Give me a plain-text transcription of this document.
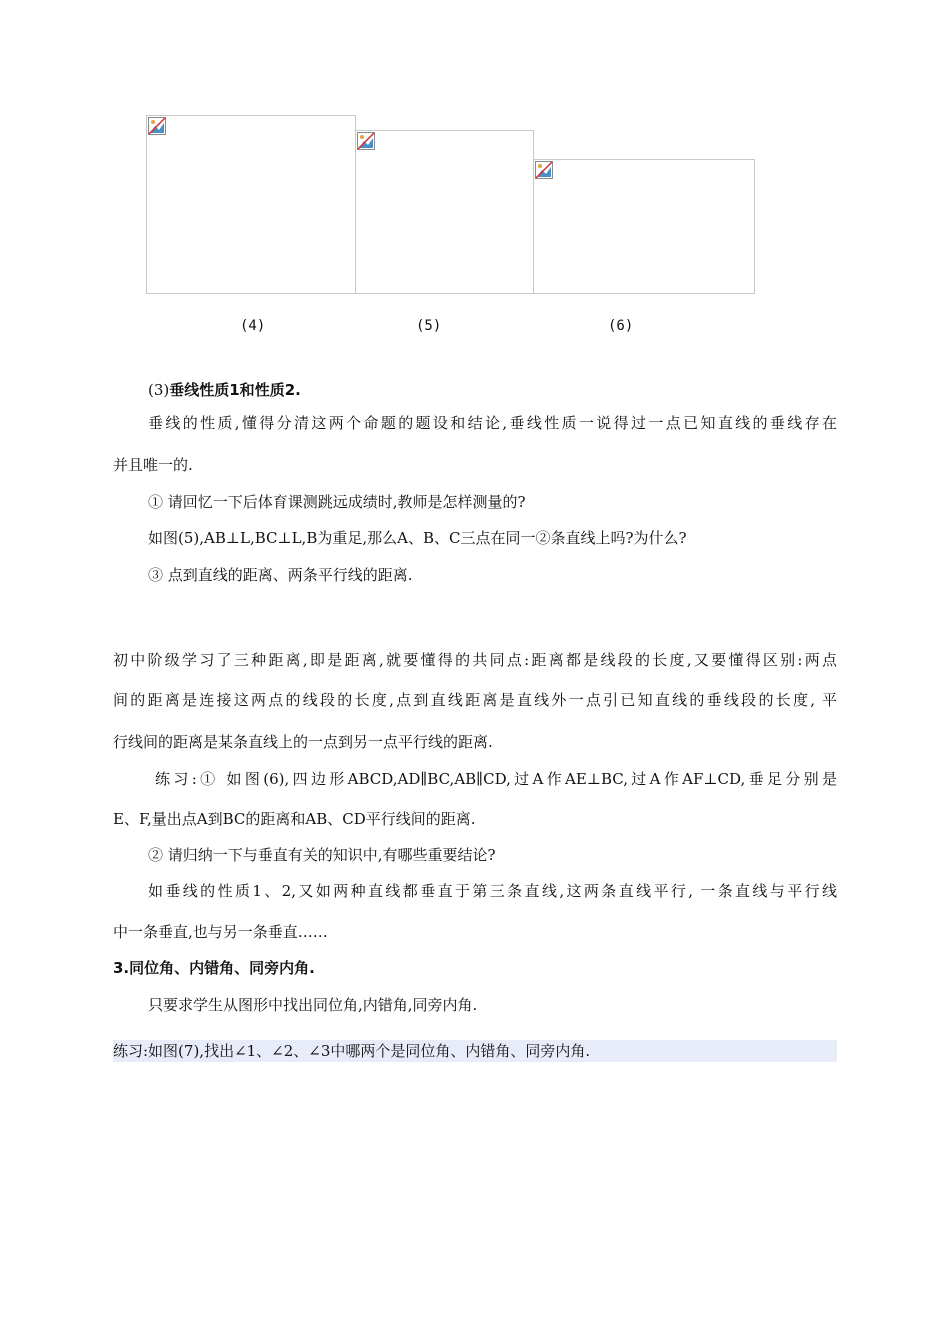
(4)	(5)	(6)
(3)垂线性质1和性质2.
垂线的性质,懂得分清这两个命题的题设和结论,垂线性质一说得过一点已知直线的垂线存在
并且唯一的.
① 请回忆一下后体育课测跳远成绩时,教师是怎样测量的?
如图(5),AB⊥L,BC⊥L,B为重足,那么A、B、C三点在同一②条直线上吗?为什么?
③ 点到直线的距离、两条平行线的距离.
初中阶级学习了三种距离,即是距离,就要懂得的共同点:距离都是线段的长度,又要懂得区别:两点
间的距离是连接这两点的线段的长度,点到直线距离是直线外一点引已知直线的垂线段的长度, 平
行线间的距离是某条直线上的一点到另一点平行线的距离.
练习:① 如图(6),四边形ABCD,AD∥BC,AB∥CD,过A作AE⊥BC,过A作AF⊥CD,垂足分别是
E、F,量出点A到BC的距离和AB、CD平行线间的距离.
② 请归纳一下与垂直有关的知识中,有哪些重要结论?
如垂线的性质1、2,又如两种直线都垂直于第三条直线,这两条直线平行, 一条直线与平行线
中一条垂直,也与另一条垂直……
3.同位角、内错角、同旁内角.
只要求学生从图形中找出同位角,内错角,同旁内角.
练习:如图(7),找出∠1、∠2、∠3中哪两个是同位角、内错角、同旁内角.
